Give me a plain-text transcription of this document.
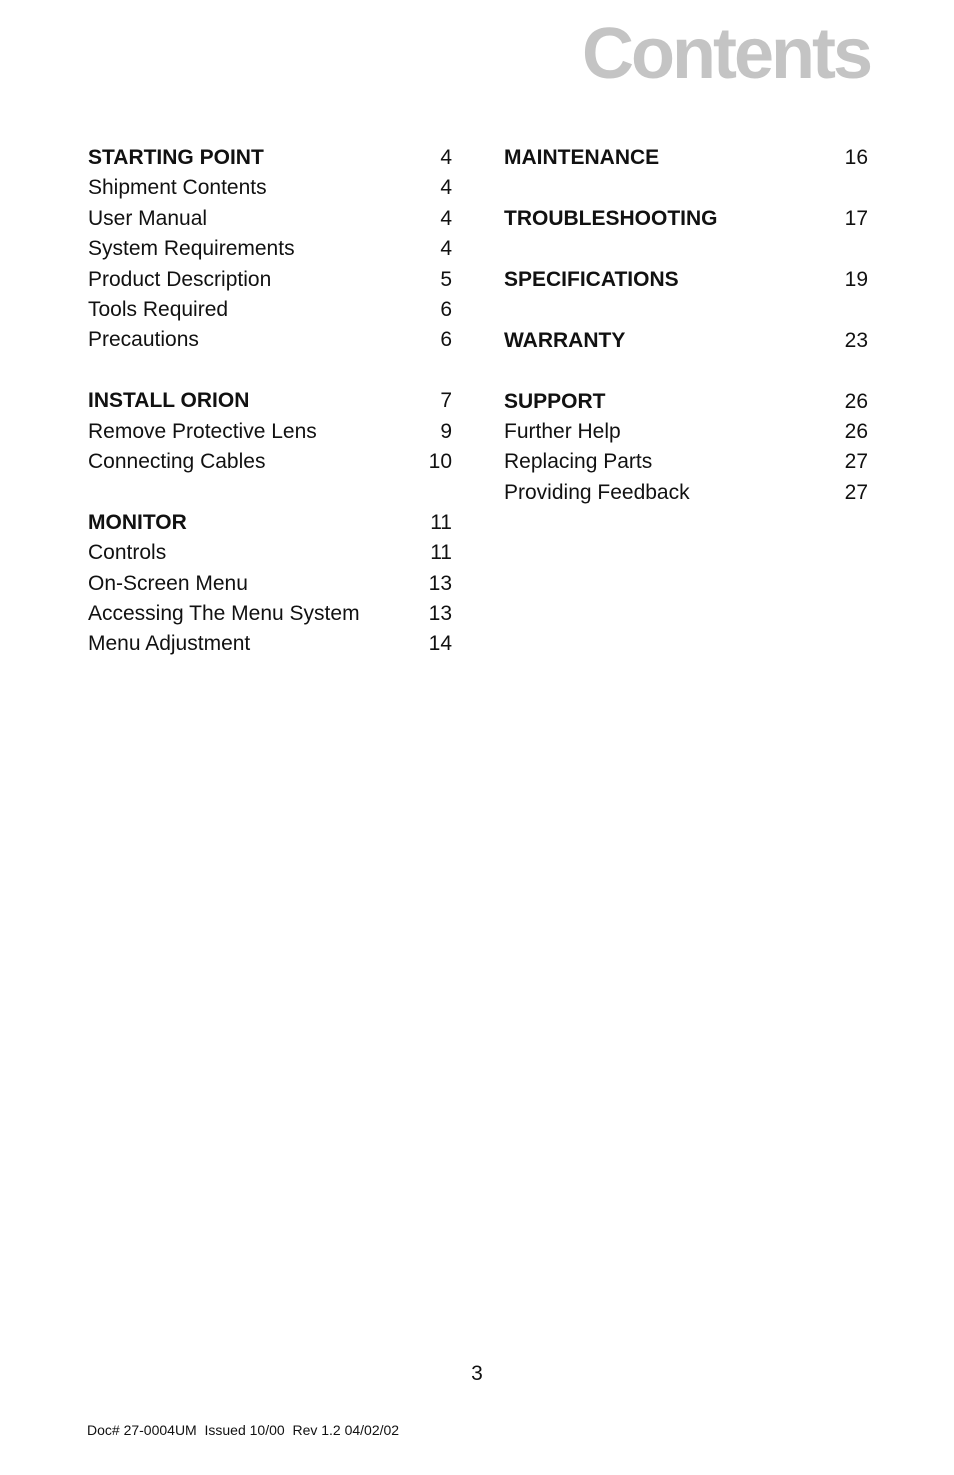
Contents
STARTING POINT	4
Shipment Contents	4
User Manual	4
System Requirements	4
Product Description	5
Tools Required	6
Precautions	6
INSTALL ORION	7
Remove Protective Lens	9
Connecting Cables	10
MONITOR	11
Controls	11
On-Screen Menu	13
Accessing The Menu System	13
Menu Adjustment	14
MAINTENANCE	16
TROUBLESHOOTING	17
SPECIFICATIONS	19
WARRANTY	23
SUPPORT	26
Further Help	26
Replacing Parts	27
Providing Feedback	27
3
Doc# 27-0004UM  Issued 10/00  Rev 1.2 04/02/02
